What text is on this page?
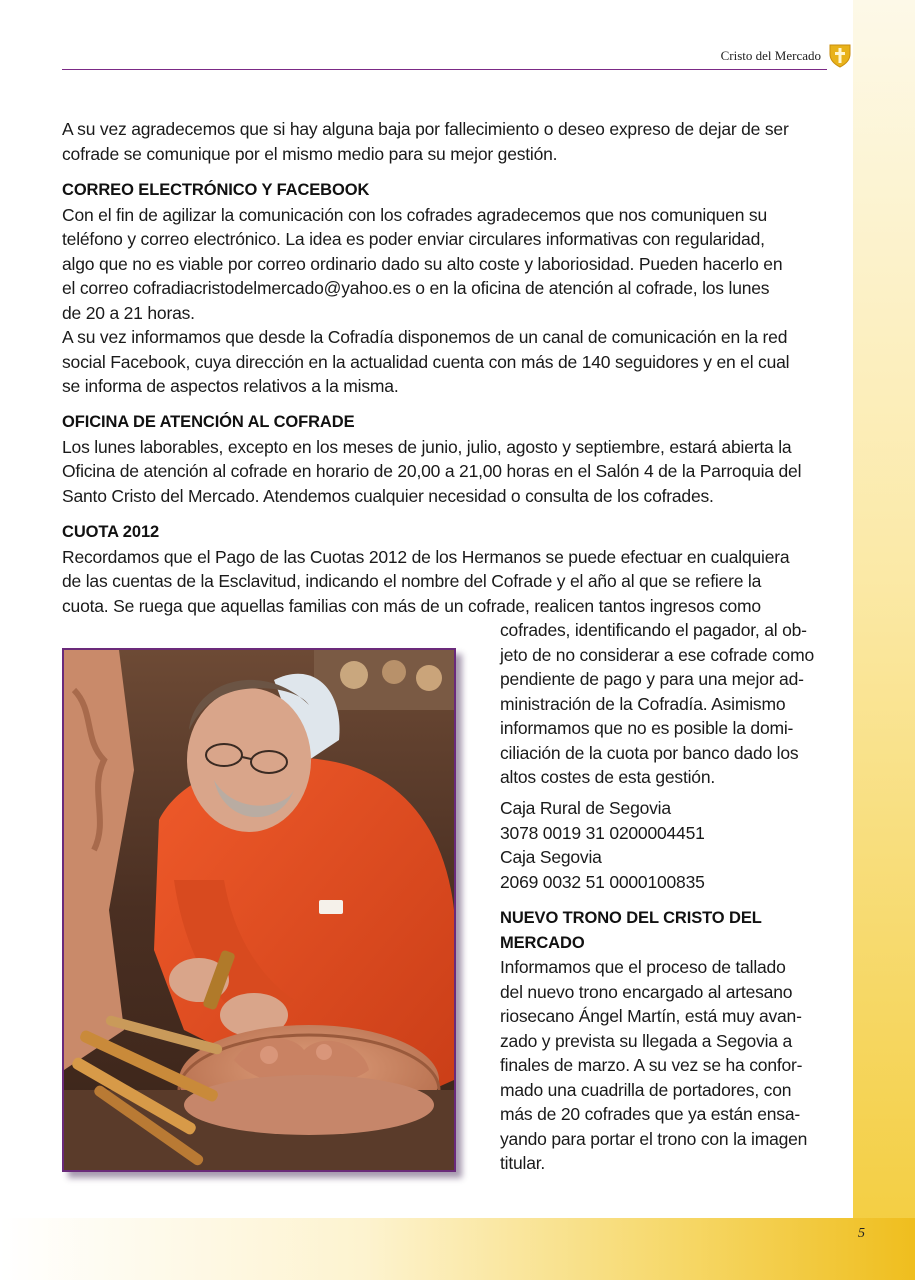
Cristo del Mercado

A su vez agradecemos que si hay alguna baja por fallecimiento o deseo expreso de dejar de ser

cofrade se comunique por el mismo medio para su mejor gestión.

CORREO ELECTRÓNICO Y FACEBOOK

Con el fin de agilizar la comunicación con los cofrades agradecemos que nos comuniquen su

teléfono y correo electrónico. La idea es poder enviar circulares informativas con regularidad,

algo que no es viable por correo ordinario dado su alto coste y laboriosidad. Pueden hacerlo en

el correo cofradiacristodelmercado@yahoo.es o en la oficina de atención al cofrade, los lunes

de 20 a 21 horas.

A su vez informamos que desde la Cofradía disponemos de un canal de comunicación en la red

social Facebook, cuya dirección en la actualidad cuenta con más de 140 seguidores y en el cual

se informa de aspectos relativos a la misma.

OFICINA DE ATENCIÓN AL COFRADE

Los lunes laborables, excepto en los meses de junio, julio, agosto y septiembre, estará abierta la

Oficina de atención al cofrade en horario de 20,00 a 21,00 horas en el Salón 4 de la Parroquia del

Santo Cristo del Mercado. Atendemos cualquier necesidad o consulta de los cofrades.

CUOTA 2012

Recordamos que el Pago de las Cuotas 2012 de los Hermanos se puede efectuar en cualquiera

de las cuentas de la Esclavitud, indicando el nombre del Cofrade y el año al que se refiere la

cuota. Se ruega que aquellas familias con más de un cofrade, realicen tantos ingresos como

cofrades, identificando el pagador, al ob-

jeto de no considerar a ese cofrade como

pendiente de pago y para una mejor ad-

ministración de la Cofradía. Asimismo

informamos que no es posible la domi-

ciliación de la cuota por banco dado los

altos costes de esta gestión.

Caja Rural de Segovia

3078 0019 31 0200004451

Caja Segovia

2069 0032 51 0000100835

NUEVO TRONO DEL CRISTO DEL

MERCADO

Informamos que el proceso de tallado

del nuevo trono encargado al artesano

riosecano Ángel Martín, está muy avan-

zado y prevista su llegada a Segovia a

finales de marzo. A su vez se ha confor-

mado una cuadrilla de portadores, con

más de 20 cofrades que ya están ensa-

yando para portar el trono con la imagen

titular.

5
